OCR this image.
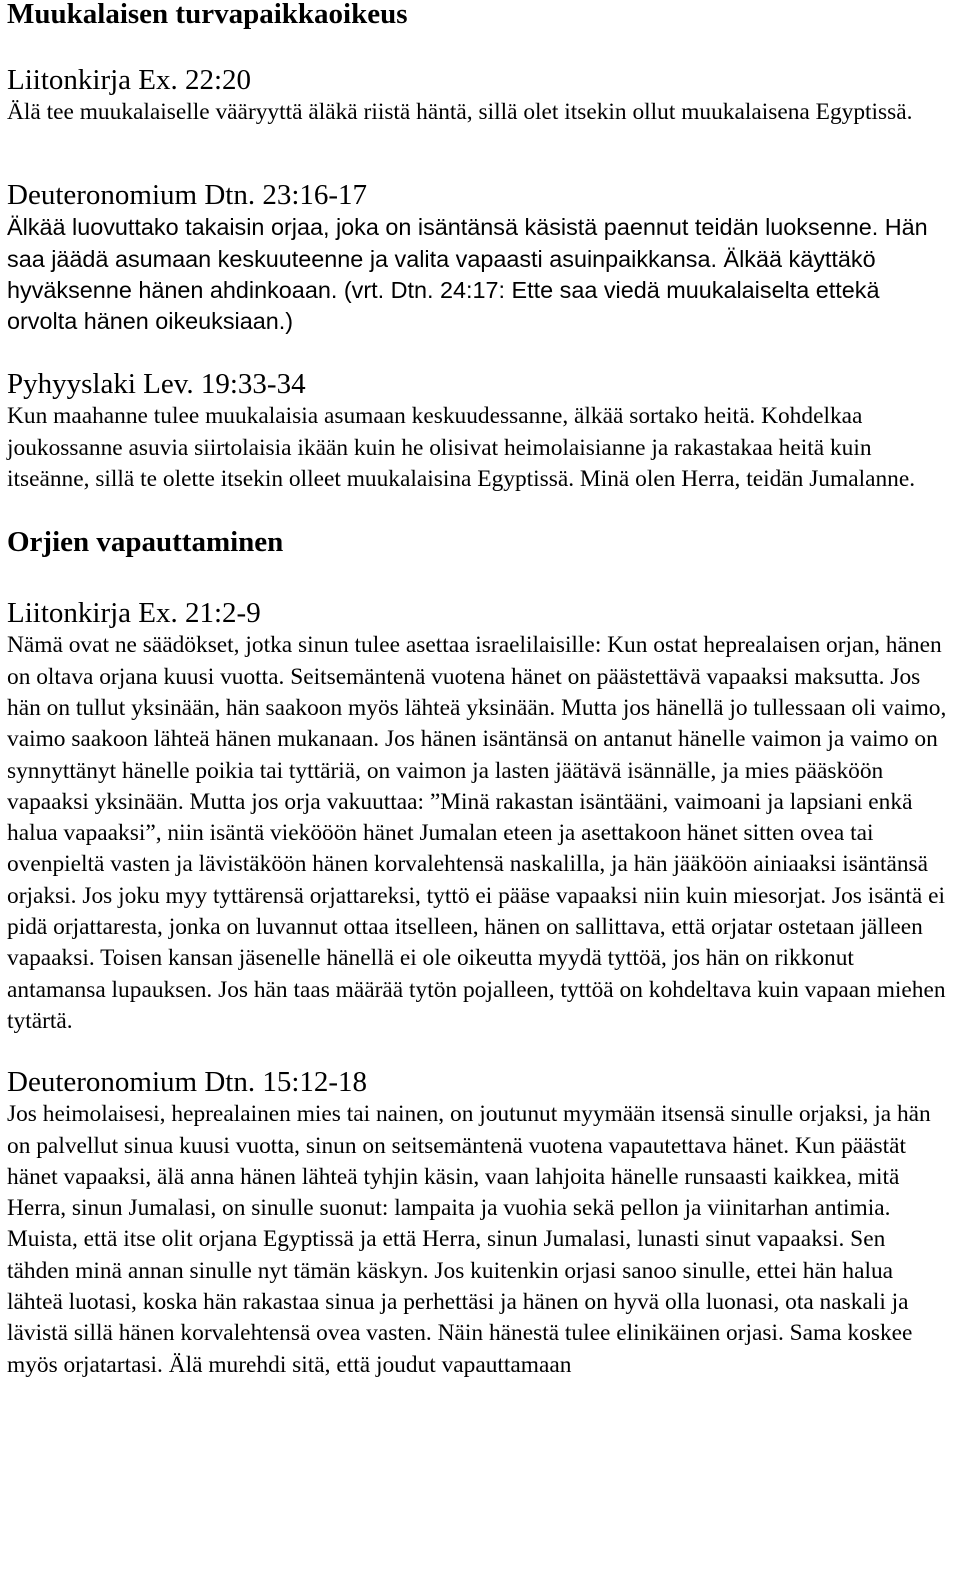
Muukalaisen turvapaikkaoikeus

Liitonkirja Ex. 22:20

Älä tee muukalaiselle vääryyttä äläkä riistä häntä, sillä olet itsekin ollut muukalaisena Egyptissä.

Deuteronomium Dtn. 23:16-17

Älkää luovuttako takaisin orjaa, joka on isäntänsä käsistä paennut teidän luoksenne. Hän saa jäädä asumaan keskuuteenne ja valita vapaasti asuinpaikkansa. Älkää käyttäkö hyväksenne hänen ahdinkoaan. (vrt. Dtn. 24:17: Ette saa viedä muukalaiselta ettekä orvolta hänen oikeuksiaan.)

Pyhyyslaki Lev. 19:33-34

Kun maahanne tulee muukalaisia asumaan keskuudessanne, älkää sortako heitä. Kohdelkaa joukossanne asuvia siirtolaisia ikään kuin he olisivat heimolaisianne ja rakastakaa heitä kuin itseänne, sillä te olette itsekin olleet muukalaisina Egyptissä. Minä olen Herra, teidän Jumalanne.

Orjien vapauttaminen

Liitonkirja Ex. 21:2-9

Nämä ovat ne säädökset, jotka sinun tulee asettaa israelilaisille: Kun ostat heprealaisen orjan, hänen on oltava orjana kuusi vuotta. Seitsemäntenä vuotena hänet on päästettävä vapaaksi maksutta. Jos hän on tullut yksinään, hän saakoon myös lähteä yksinään. Mutta jos hänellä jo tullessaan oli vaimo, vaimo saakoon lähteä hänen mukanaan. Jos hänen isäntänsä on antanut hänelle vaimon ja vaimo on synnyttänyt hänelle poikia tai tyttäriä, on vaimon ja lasten jäätävä isännälle, ja mies pääsköön vapaaksi yksinään. Mutta jos orja vakuuttaa: ”Minä rakastan isäntääni, vaimoani ja lapsiani enkä halua vapaaksi”, niin isäntä viekööön hänet Jumalan eteen ja asettakoon hänet sitten ovea tai ovenpieltä vasten ja lävistäköön hänen korvalehtensä naskalilla, ja hän jääköön ainiaaksi isäntänsä orjaksi. Jos joku myy tyttärensä orjattareksi, tyttö ei pääse vapaaksi niin kuin miesorjat. Jos isäntä ei pidä orjattaresta, jonka on luvannut ottaa itselleen, hänen on sallittava, että orjatar ostetaan jälleen vapaaksi. Toisen kansan jäsenelle hänellä ei ole oikeutta myydä tyttöä, jos hän on rikkonut antamansa lupauksen. Jos hän taas määrää tytön pojalleen, tyttöä on kohdeltava kuin vapaan miehen tytärtä.

Deuteronomium Dtn. 15:12-18

Jos heimolaisesi, heprealainen mies tai nainen, on joutunut myymään itsensä sinulle orjaksi, ja hän on palvellut sinua kuusi vuotta, sinun on seitsemäntenä vuotena vapautettava hänet. Kun päästät hänet vapaaksi, älä anna hänen lähteä tyhjin käsin, vaan lahjoita hänelle runsaasti kaikkea, mitä Herra, sinun Jumalasi, on sinulle suonut: lampaita ja vuohia sekä pellon ja viinitarhan antimia. Muista, että itse olit orjana Egyptissä ja että Herra, sinun Jumalasi, lunasti sinut vapaaksi. Sen tähden minä annan sinulle nyt tämän käskyn. Jos kuitenkin orjasi sanoo sinulle, ettei hän halua lähteä luotasi, koska hän rakastaa sinua ja perhettäsi ja hänen on hyvä olla luonasi, ota naskali ja lävistä sillä hänen korvalehtensä ovea vasten. Näin hänestä tulee elinikäinen orjasi. Sama koskee myös orjatartasi. Älä murehdi sitä, että joudut vapauttamaan
